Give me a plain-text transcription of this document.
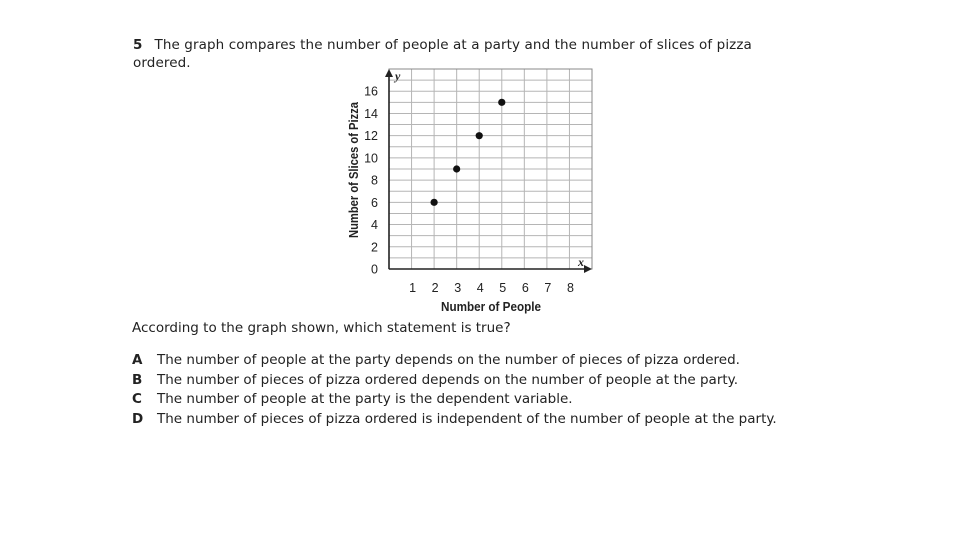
5 The graph compares the number of people at a party and the number of slices of pizza ordered.
0
2
4
6
8
10
12
14
16
1 2 3 4 5 6 7 8
Number of Slices of Pizza
Number of People
y
x
According to the graph shown, which statement is true?
A	The number of people at the party depends on the number of pieces of pizza ordered.
B	The number of pieces of pizza ordered depends on the number of people at the party.
C	The number of people at the party is the dependent variable.
D	The number of pieces of pizza ordered is independent of the number of people at the party.
